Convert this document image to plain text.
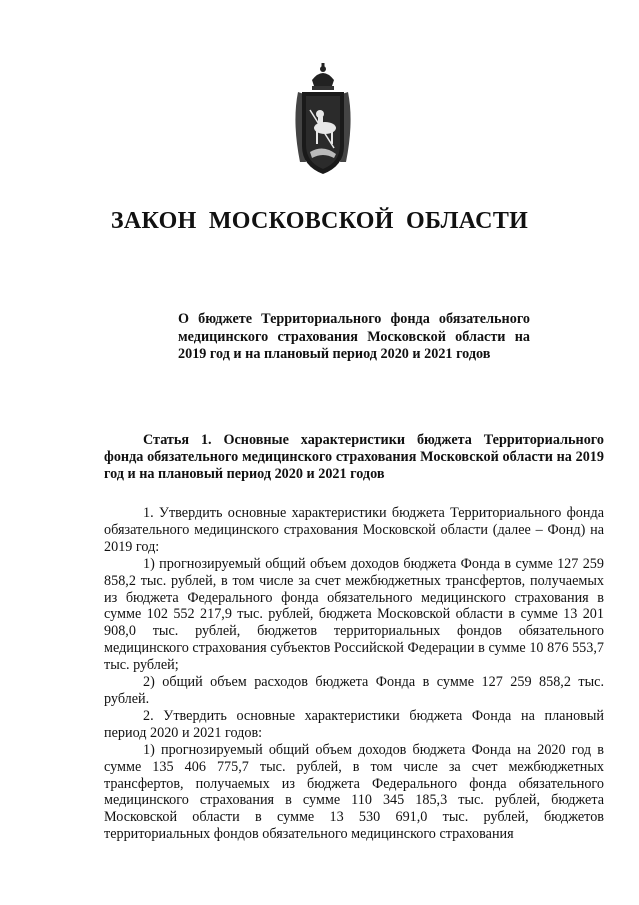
ЗАКОН МОСКОВСКОЙ ОБЛАСТИ
О бюджете Территориального фонда обязательного медицинского страхования Московской области на 2019 год и на плановый период 2020 и 2021 годов
Статья 1. Основные характеристики бюджета Территориального фонда обязательного медицинского страхования Московской области на 2019 год и на плановый период 2020 и 2021 годов

1. Утвердить основные характеристики бюджета Территориального фонда обязательного медицинского страхования Московской области (далее – Фонд) на 2019 год:

1) прогнозируемый общий объем доходов бюджета Фонда в сумме 127 259 858,2 тыс. рублей, в том числе за счет межбюджетных трансфертов, получаемых из бюджета Федерального фонда обязательного медицинского страхования в сумме 102 552 217,9 тыс. рублей, бюджета Московской области в сумме 13 201 908,0 тыс. рублей, бюджетов территориальных фондов обязательного медицинского страхования субъектов Российской Федерации в сумме 10 876 553,7 тыс. рублей;

2) общий объем расходов бюджета Фонда в сумме 127 259 858,2 тыс. рублей.

2. Утвердить основные характеристики бюджета Фонда на плановый период 2020 и 2021 годов:

1) прогнозируемый общий объем доходов бюджета Фонда на 2020 год в сумме 135 406 775,7 тыс. рублей, в том числе за счет межбюджетных трансфертов, получаемых из бюджета Федерального фонда обязательного медицинского страхования в сумме 110 345 185,3 тыс. рублей, бюджета Московской области в сумме 13 530 691,0 тыс. рублей, бюджетов территориальных фондов обязательного медицинского страхования
